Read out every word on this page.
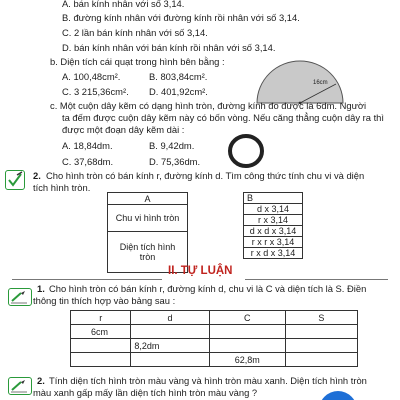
A. bán kính nhân với số 3,14.
B. đường kính nhân với đường kính rồi nhân với số 3,14.
C. 2 lần bán kính nhân với số 3,14.
D. bán kính nhân với bán kính rồi nhân với số 3,14.
b. Diện tích cái quạt trong hình bên bằng :
A. 100,48cm².	B. 803,84cm².
C. 3 215,36cm². D. 401,92cm².
16cm
c. Một cuộn dây kẽm có dạng hình tròn, đường kính đo được là 6dm. Người
ta đếm được cuộn dây kẽm này có bốn vòng. Nếu căng thẳng cuộn dây ra thì
được một đoạn dây kẽm dài :
A. 18,84dm.	B. 9,42dm.
C. 37,68dm.	D. 75,36dm.
2. Cho hình tròn có bán kính r, đường kính d. Tìm công thức tính chu vi và diện
tích hình tròn.
A
Chu vi hình tròn
Diện tích hình tròn
B
d x 3,14
r x 3,14
d x d x 3,14
r x r x 3,14
r x d x 3,14
II. TỰ LUẬN
1. Cho hình tròn có bán kính r, đường kính d, chu vi là C và diện tích là S. Điền
thông tin thích hợp vào bảng sau :
r	d	C	S
6cm			
	8,2dm		
		62,8m	
2. Tính diện tích hình tròn màu vàng và hình tròn màu xanh. Diện tích hình tròn
màu xanh gấp mấy lần diện tích hình tròn màu vàng ?
